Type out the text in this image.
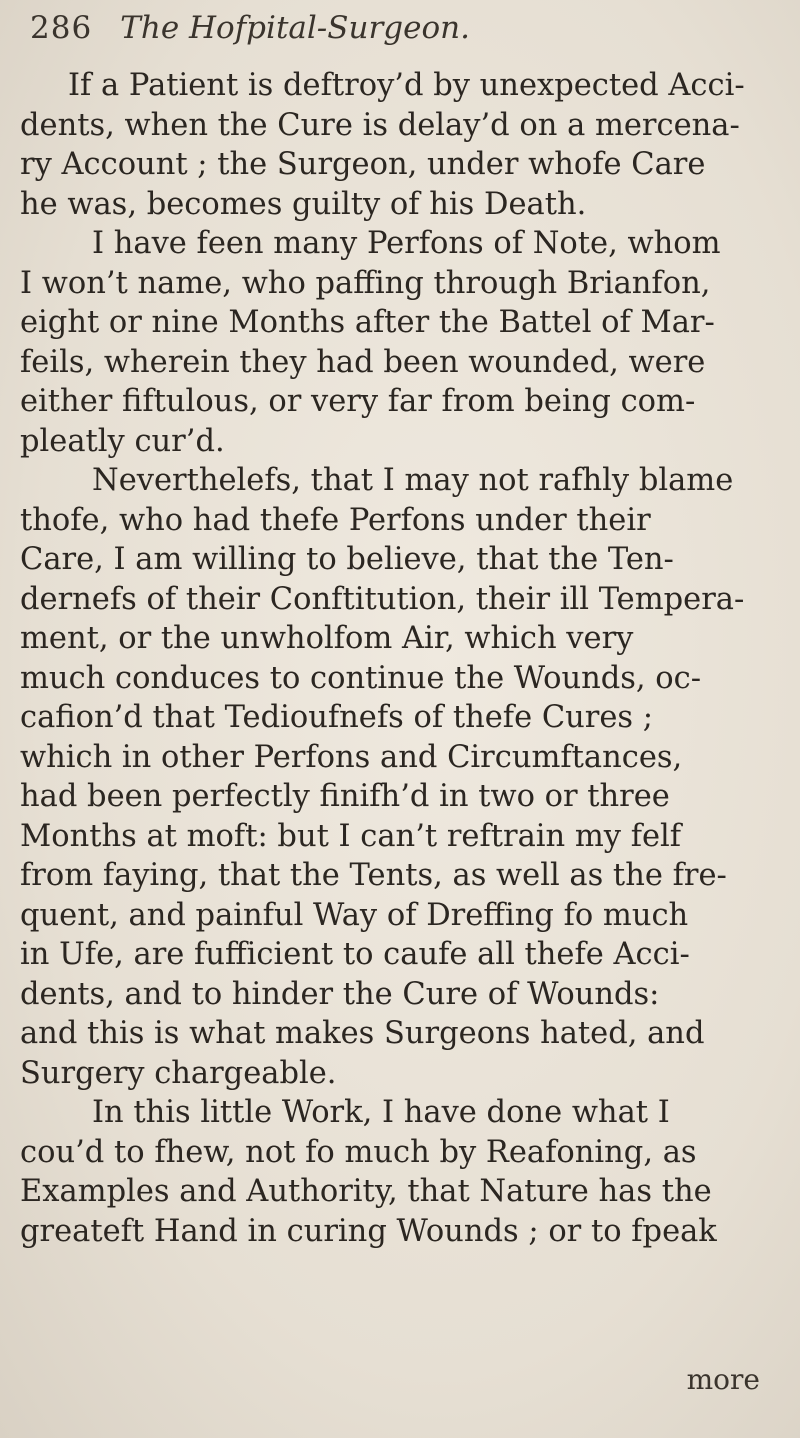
286 The Hofpital-Surgeon.
If a Patient is deftroy’d by unexpected Acci-
dents, when the Cure is delay’d on a mercena-
ry Account ; the Surgeon, under whofe Care
he was, becomes guilty of his Death.
I have feen many Perfons of Note, whom
I won’t name, who paffing through Brianfon,
eight or nine Months after the Battel of Mar-
feils, wherein they had been wounded, were
either fiftulous, or very far from being com-
pleatly cur’d.
Neverthelefs, that I may not rafhly blame
thofe, who had thefe Perfons under their
Care, I am willing to believe, that the Ten-
dernefs of their Conftitution, their ill Tempera-
ment, or the unwholfom Air, which very
much conduces to continue the Wounds, oc-
cafion’d that Tedioufnefs of thefe Cures ;
which in other Perfons and Circumftances,
had been perfectly finifh’d in two or three
Months at moft: but I can’t reftrain my felf
from faying, that the Tents, as well as the fre-
quent, and painful Way of Dreffing fo much
in Ufe, are fufficient to caufe all thefe Acci-
dents, and to hinder the Cure of Wounds:
and this is what makes Surgeons hated, and
Surgery chargeable.
In this little Work, I have done what I
cou’d to fhew, not fo much by Reafoning, as
Examples and Authority, that Nature has the
greateft Hand in curing Wounds ; or to fpeak
more
